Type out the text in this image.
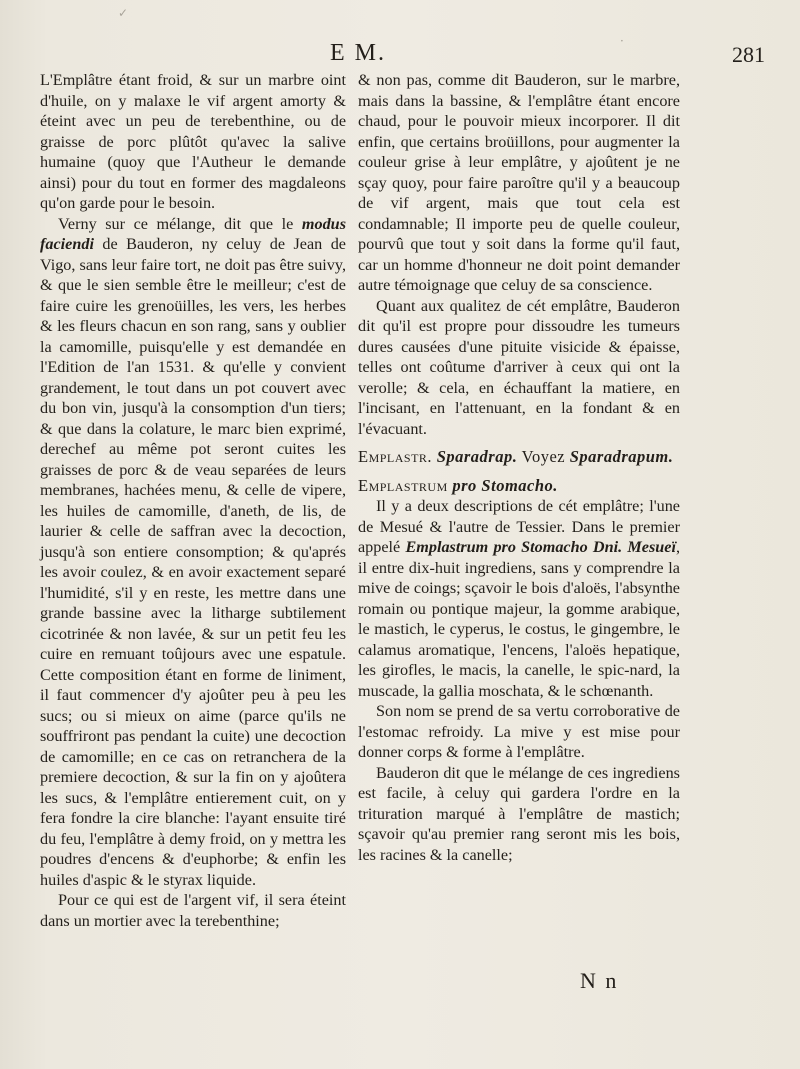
✓
·
E M.	281

L'Emplâtre étant froid, & sur un marbre oint d'huile, on y malaxe le vif argent amorty & éteint avec un peu de terebenthine, ou de graisse de porc plûtôt qu'avec la salive humaine (quoy que l'Autheur le demande ainsi) pour du tout en former des magdaleons qu'on garde pour le besoin.

Verny sur ce mélange, dit que le modus faciendi de Bauderon, ny celuy de Jean de Vigo, sans leur faire tort, ne doit pas être suivy, & que le sien semble être le meilleur; c'est de faire cuire les grenoüilles, les vers, les herbes & les fleurs chacun en son rang, sans y oublier la camomille, puisqu'elle y est demandée en l'Edition de l'an 1531. & qu'elle y convient grandement, le tout dans un pot couvert avec du bon vin, jusqu'à la consomption d'un tiers; & que dans la colature, le marc bien exprimé, derechef au même pot seront cuites les graisses de porc & de veau separées de leurs membranes, hachées menu, & celle de vipere, les huiles de camomille, d'aneth, de lis, de laurier & celle de saffran avec la decoction, jusqu'à son entiere consomption; & qu'aprés les avoir coulez, & en avoir exactement separé l'humidité, s'il y en reste, les mettre dans une grande bassine avec la litharge subtilement cicotrinée & non lavée, & sur un petit feu les cuire en remuant toûjours avec une espatule. Cette composition étant en forme de liniment, il faut commencer d'y ajoûter peu à peu les sucs; ou si mieux on aime (parce qu'ils ne souffriront pas pendant la cuite) une decoction de camomille; en ce cas on retranchera de la premiere decoction, & sur la fin on y ajoûtera les sucs, & l'emplâtre entierement cuit, on y fera fondre la cire blanche: l'ayant ensuite tiré du feu, l'emplâtre à demy froid, on y mettra les poudres d'encens & d'euphorbe; & enfin les huiles d'aspic & le styrax liquide.

Pour ce qui est de l'argent vif, il sera éteint dans un mortier avec la terebenthine;

& non pas, comme dit Bauderon, sur le marbre, mais dans la bassine, & l'emplâtre étant encore chaud, pour le pouvoir mieux incorporer. Il dit enfin, que certains broüillons, pour augmenter la couleur grise à leur emplâtre, y ajoûtent je ne sçay quoy, pour faire paroître qu'il y a beaucoup de vif argent, mais que tout cela est condamnable; Il importe peu de quelle couleur, pourvû que tout y soit dans la forme qu'il faut, car un homme d'honneur ne doit point demander autre témoignage que celuy de sa conscience.

Quant aux qualitez de cét emplâtre, Bauderon dit qu'il est propre pour dissoudre les tumeurs dures causées d'une pituite visicide & épaisse, telles ont coûtume d'arriver à ceux qui ont la verolle; & cela, en échauffant la matiere, en l'incisant, en l'attenuant, en la fondant & en l'évacuant.

Emplastr. Sparadrap. Voyez Sparadrapum.

Emplastrum pro Stomacho.

Il y a deux descriptions de cét emplâtre; l'une de Mesué & l'autre de Tessier. Dans le premier appelé Emplastrum pro Stomacho Dni. Mesueï, il entre dix-huit ingrediens, sans y comprendre la mive de coings; sçavoir le bois d'aloës, l'absynthe romain ou pontique majeur, la gomme arabique, le mastich, le cyperus, le costus, le gingembre, le calamus aromatique, l'encens, l'aloës hepatique, les girofles, le macis, la canelle, le spic-nard, la muscade, la gallia moschata, & le schœnanth.

Son nom se prend de sa vertu corroborative de l'estomac refroidy. La mive y est mise pour donner corps & forme à l'emplâtre.

Bauderon dit que le mélange de ces ingrediens est facile, à celuy qui gardera l'ordre en la trituration marqué à l'emplâtre de mastich; sçavoir qu'au premier rang seront mis les bois, les racines & la canelle;

N n
